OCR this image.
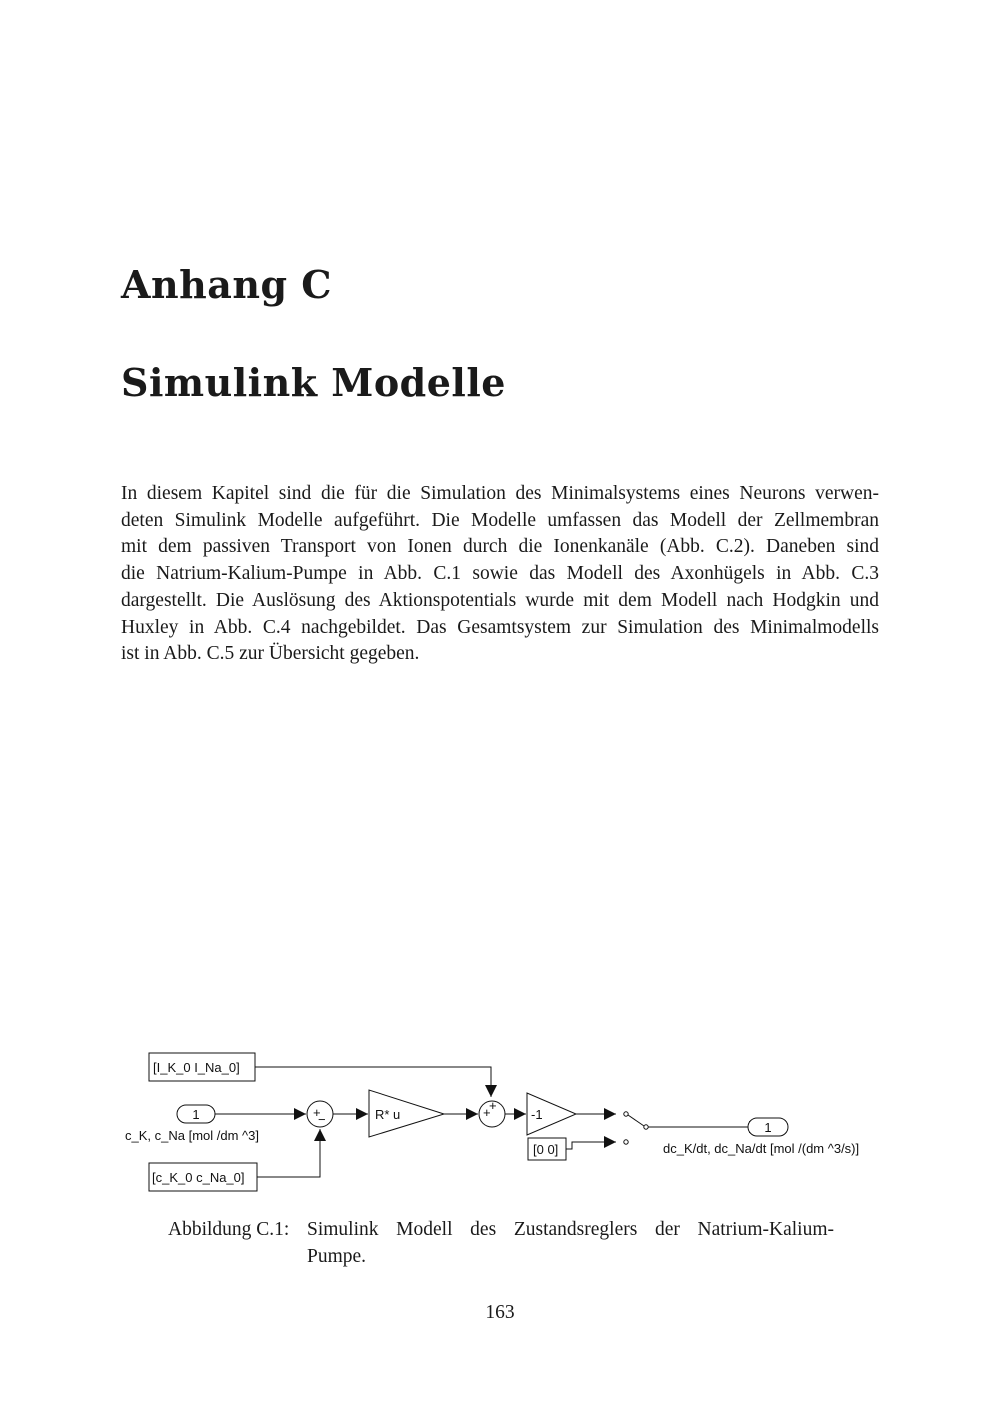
Anhang C
Simulink Modelle
In diesem Kapitel sind die für die Simulation des Minimalsystems eines Neurons verwen-
deten Simulink Modelle aufgeführt. Die Modelle umfassen das Modell der Zellmembran
mit dem passiven Transport von Ionen durch die Ionenkanäle (Abb. C.2). Daneben sind
die Natrium-Kalium-Pumpe in Abb. C.1 sowie das Modell des Axonhügels in Abb. C.3
dargestellt. Die Auslösung des Aktionspotentials wurde mit dem Modell nach Hodgkin und
Huxley in Abb. C.4 nachgebildet. Das Gesamtsystem zur Simulation des Minimalmodells
ist in Abb. C.5 zur Übersicht gegeben.
[I_K_0 I_Na_0]
1
c_K, c_Na [mol /dm ^3]
+
−	R* u	+
+
-1
[0 0]
1
dc_K/dt, dc_Na/dt [mol /(dm ^3/s)]
[c_K_0 c_Na_0]
Abbildung C.1: Simulink Modell des Zustandsreglers der Natrium-Kalium-
Pumpe.
163
